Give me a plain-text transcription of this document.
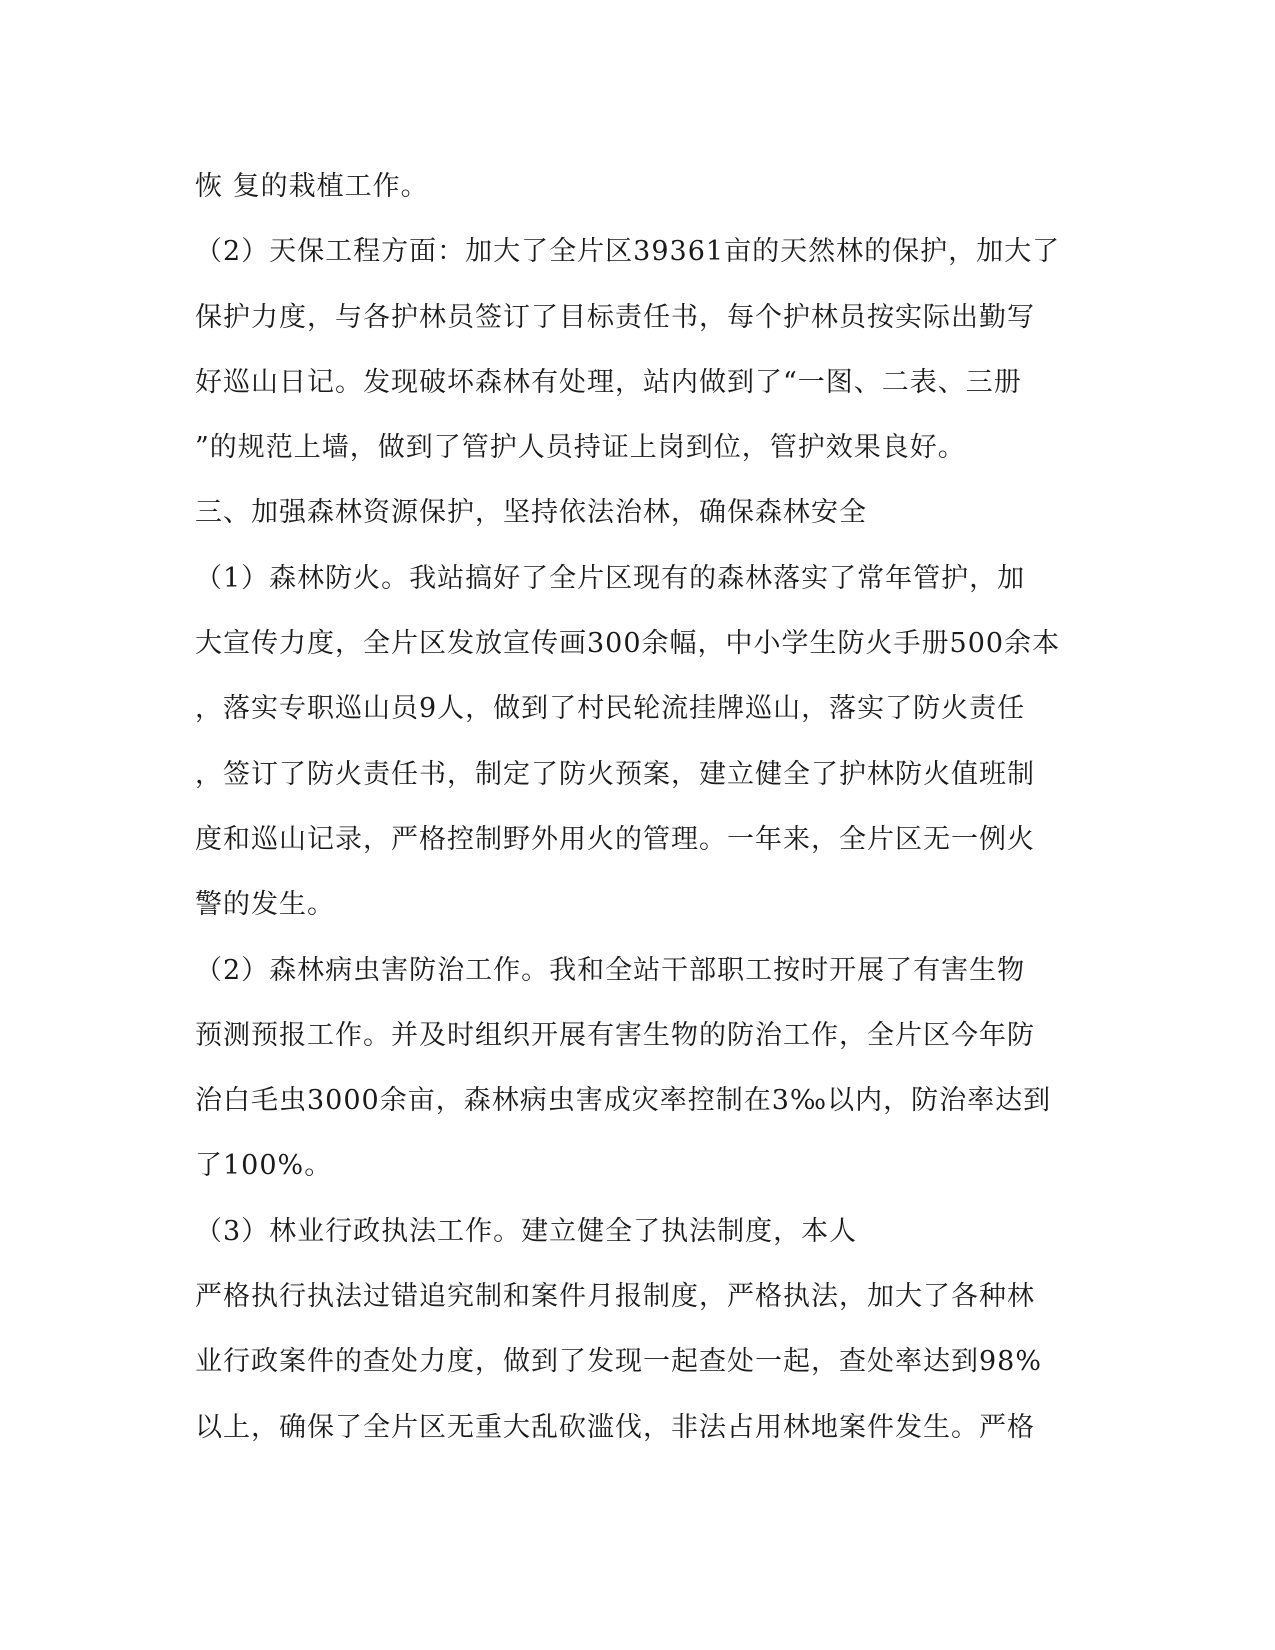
恢 复的栽植工作。
（2）天保工程方面：加大了全片区39361亩的天然林的保护，加大了
保护力度，与各护林员签订了目标责任书，每个护林员按实际出勤写
好巡山日记。发现破坏森林有处理，站内做到了“一图、二表、三册
”的规范上墙，做到了管护人员持证上岗到位，管护效果良好。
三、加强森林资源保护，坚持依法治林，确保森林安全
（1）森林防火。我站搞好了全片区现有的森林落实了常年管护，加
大宣传力度，全片区发放宣传画300余幅，中小学生防火手册500余本
，落实专职巡山员9人，做到了村民轮流挂牌巡山，落实了防火责任
，签订了防火责任书，制定了防火预案，建立健全了护林防火值班制
度和巡山记录，严格控制野外用火的管理。一年来，全片区无一例火
警的发生。
（2）森林病虫害防治工作。我和全站干部职工按时开展了有害生物
预测预报工作。并及时组织开展有害生物的防治工作，全片区今年防
治白毛虫3000余亩，森林病虫害成灾率控制在3‰以内，防治率达到
了100%。
（3）林业行政执法工作。建立健全了执法制度，本人
严格执行执法过错追究制和案件月报制度，严格执法，加大了各种林
业行政案件的查处力度，做到了发现一起查处一起，查处率达到98%
以上，确保了全片区无重大乱砍滥伐，非法占用林地案件发生。严格
